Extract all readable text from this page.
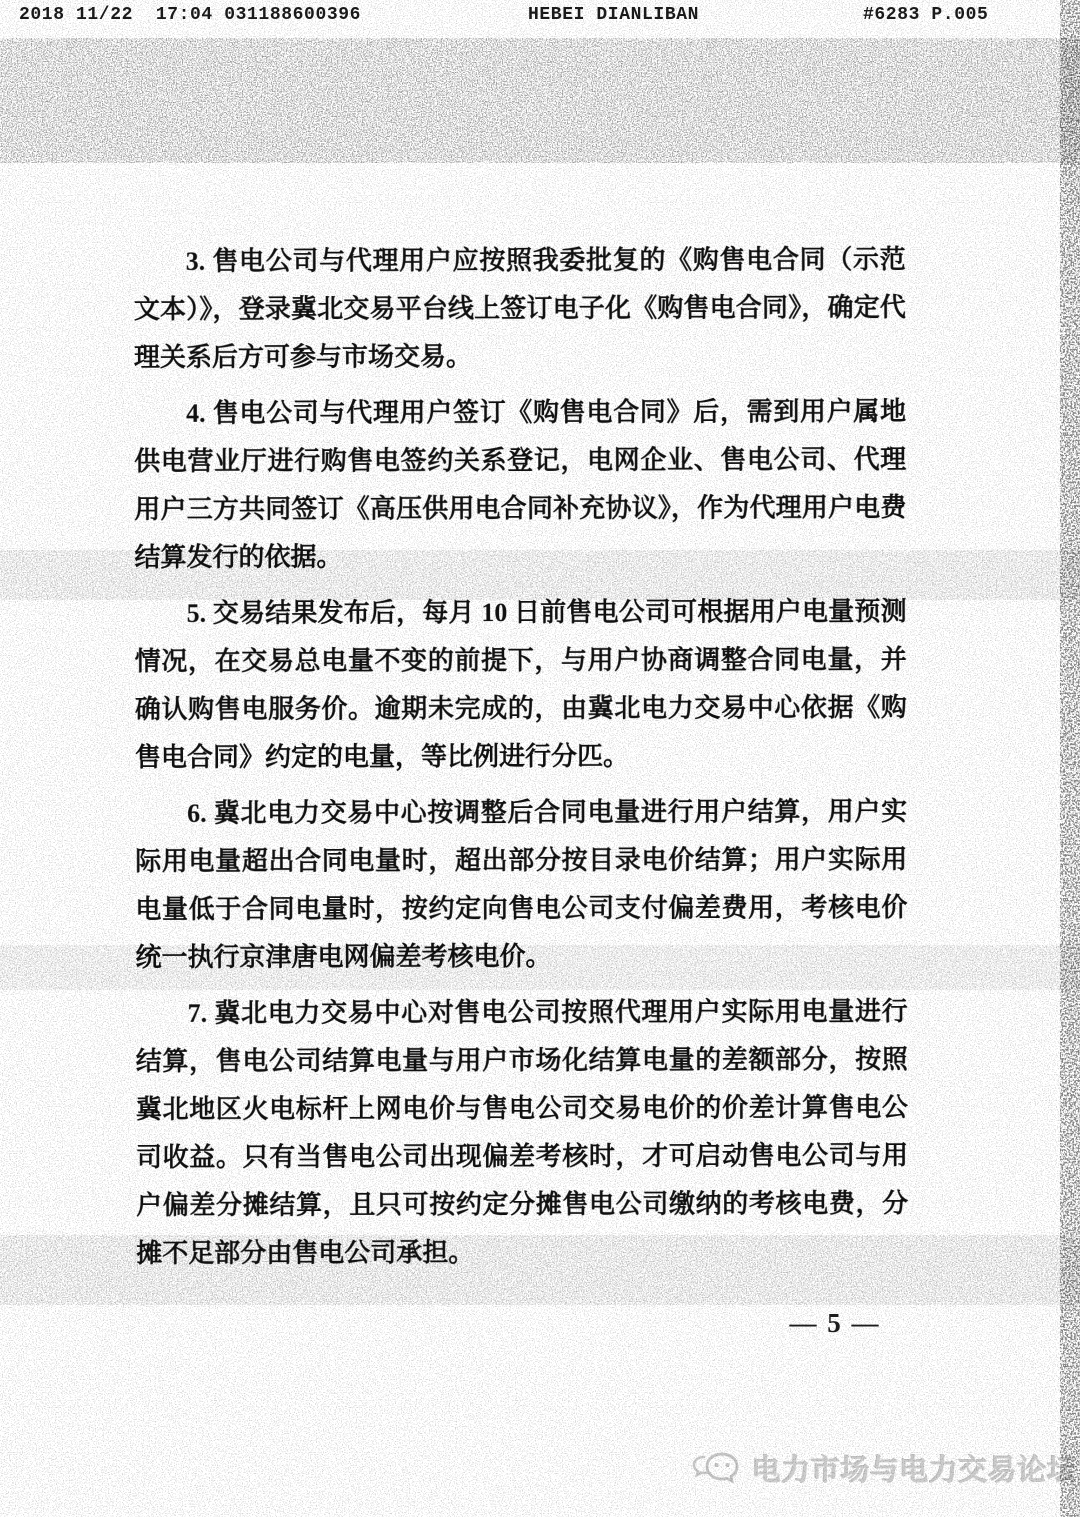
2018 11/22  17:04 031188600396

	HEBEI DIANLIBAN

	#6283 P.005

3. 售电公司与代理用户应按照我委批复的《购售电合同（示范文本）》，登录冀北交易平台线上签订电子化《购售电合同》，确定代理关系后方可参与市场交易。

4. 售电公司与代理用户签订《购售电合同》后，需到用户属地供电营业厅进行购售电签约关系登记，电网企业、售电公司、代理用户三方共同签订《高压供用电合同补充协议》，作为代理用户电费结算发行的依据。

5. 交易结果发布后，每月 10 日前售电公司可根据用户电量预测情况，在交易总电量不变的前提下，与用户协商调整合同电量，并确认购售电服务价。逾期未完成的，由冀北电力交易中心依据《购售电合同》约定的电量，等比例进行分匹。

6. 冀北电力交易中心按调整后合同电量进行用户结算，用户实际用电量超出合同电量时，超出部分按目录电价结算；用户实际用电量低于合同电量时，按约定向售电公司支付偏差费用，考核电价统一执行京津唐电网偏差考核电价。

7. 冀北电力交易中心对售电公司按照代理用户实际用电量进行结算，售电公司结算电量与用户市场化结算电量的差额部分，按照冀北地区火电标杆上网电价与售电公司交易电价的价差计算售电公司收益。只有当售电公司出现偏差考核时，才可启动售电公司与用户偏差分摊结算，且只可按约定分摊售电公司缴纳的考核电费，分摊不足部分由售电公司承担。

— 5 —
电力市场与电力交易论坛
